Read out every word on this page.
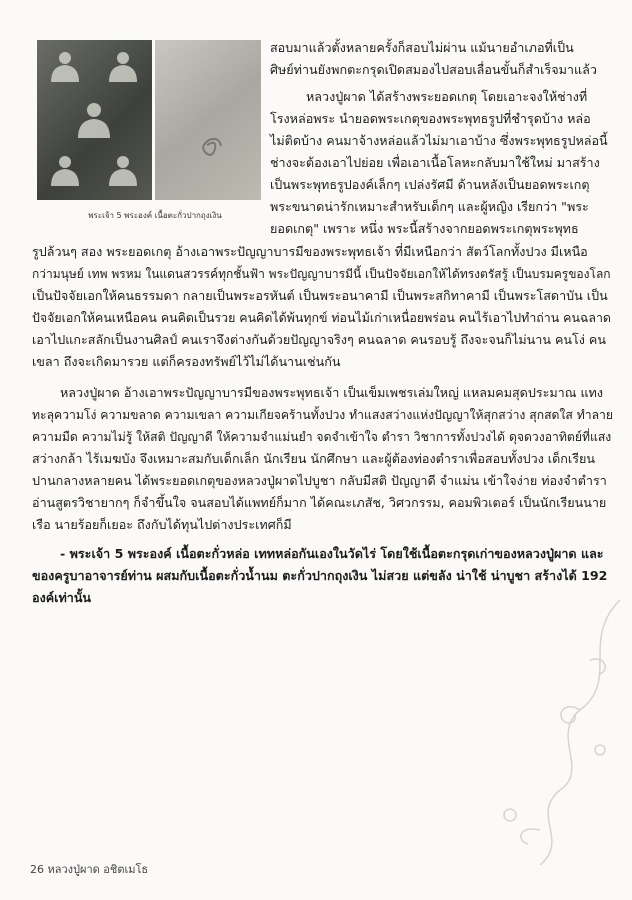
พระเจ้า 5 พระองค์ เนื้อตะกั่วปากถุงเงิน
สอบมาแล้วตั้งหลายครั้งก็สอบไม่ผ่าน แม้นายอำเภอที่เป็น
ศิษย์ท่านยังพกตะกรุดเปิดสมองไปสอบเลื่อนขั้นก็สำเร็จมาแล้ว
หลวงปู่ผาด ได้สร้างพระยอดเกตุ โดยเอาะจงให้ช่างที่
โรงหล่อพระ นำยอดพระเกตุของพระพุทธรูปที่ชำรุดบ้าง หล่อ
ไม่ติดบ้าง คนมาจ้างหล่อแล้วไม่มาเอาบ้าง ซึ่งพระพุทธรูปหล่อนี้
ช่างจะต้องเอาไปย่อย เพื่อเอาเนื้อโลหะกลับมาใช้ใหม่ มาสร้าง
เป็นพระพุทธรูปองค์เล็กๆ เปล่งรัศมี ด้านหลังเป็นยอดพระเกตุ
พระขนาดน่ารักเหมาะสำหรับเด็กๆ และผู้หญิง เรียกว่า "พระ
ยอดเกตุ" เพราะ หนึ่ง พระนี้สร้างจากยอดพระเกตุพระพุทธ
รูปล้วนๆ สอง พระยอดเกตุ อ้างเอาพระปัญญาบารมีของพระพุทธเจ้า ที่มีเหนือกว่า สัตว์โลกทั้งปวง มีเหนือ
กว่ามนุษย์ เทพ พรหม ในแดนสวรรค์ทุกชั้นฟ้า พระปัญญาบารมีนี้ เป็นปัจจัยเอกให้ได้ทรงตรัสรู้ เป็นบรมครูของโลก
เป็นปัจจัยเอกให้คนธรรมดา กลายเป็นพระอรหันต์ เป็นพระอนาคามี เป็นพระสกิทาคามี เป็นพระโสดาบัน เป็น
ปัจจัยเอกให้คนเหนือคน คนคิดเป็นรวย คนคิดได้พ้นทุกข์ ท่อนไม้เก่าเหนื่อยพร่อน คนไร้เอาไปทำถ่าน คนฉลาด
เอาไปแกะสลักเป็นงานศิลป์ คนเราจึงต่างกันด้วยปัญญาจริงๆ คนฉลาด คนรอบรู้ ถึงจะจนก็ไม่นาน คนโง่ คน
เขลา ถึงจะเกิดมารวย แต่ก็ครองทรัพย์ไว้ไม่ได้นานเช่นกัน
หลวงปู่ผาด อ้างเอาพระปัญญาบารมีของพระพุทธเจ้า เป็นเข็มเพชรเล่มใหญ่ แหลมคมสุดประมาณ แทง
ทะลุความโง่ ความขลาด ความเขลา ความเกียจคร้านทั้งปวง ทำแสงสว่างแห่งปัญญาให้สุกสว่าง สุกสดใส ทำลาย
ความมืด ความไม่รู้ ให้สติ ปัญญาดี ให้ความจำแม่นยำ จดจำเข้าใจ ตำรา วิชาการทั้งปวงได้ ดุจดวงอาทิตย์ที่แสง
สว่างกล้า ไร้เมฆบัง จึงเหมาะสมกับเด็กเล็ก นักเรียน นักศึกษา และผู้ต้องท่องตำราเพื่อสอบทั้งปวง เด็กเรียน
ปานกลางหลายคน ได้พระยอดเกตุของหลวงปู่ผาดไปบูชา กลับมีสติ ปัญญาดี จำแม่น เข้าใจง่าย ท่องจำตำรา
อ่านสูตรวิชายากๆ ก็จำขึ้นใจ จนสอบได้แพทย์ก็มาก ได้คณะเภสัช, วิศวกรรม, คอมพิวเตอร์ เป็นนักเรียนนาย
เรือ นายร้อยก็เยอะ ถึงกับได้ทุนไปต่างประเทศก็มี
- พระเจ้า 5 พระองค์ เนื้อตะกั่วหล่อ เททหล่อกันเองในวัดไร่ โดยใช้เนื้อตะกรุดเก่าของหลวงปู่ผาด และ
ของครูบาอาจารย์ท่าน ผสมกับเนื้อตะกั่วน้ำนม ตะกั่วปากถุงเงิน ไม่สวย แต่ขลัง น่าใช้ น่าบูชา สร้างได้ 192
องค์เท่านั้น
26 หลวงปู่ผาด อชิตเมโธ
